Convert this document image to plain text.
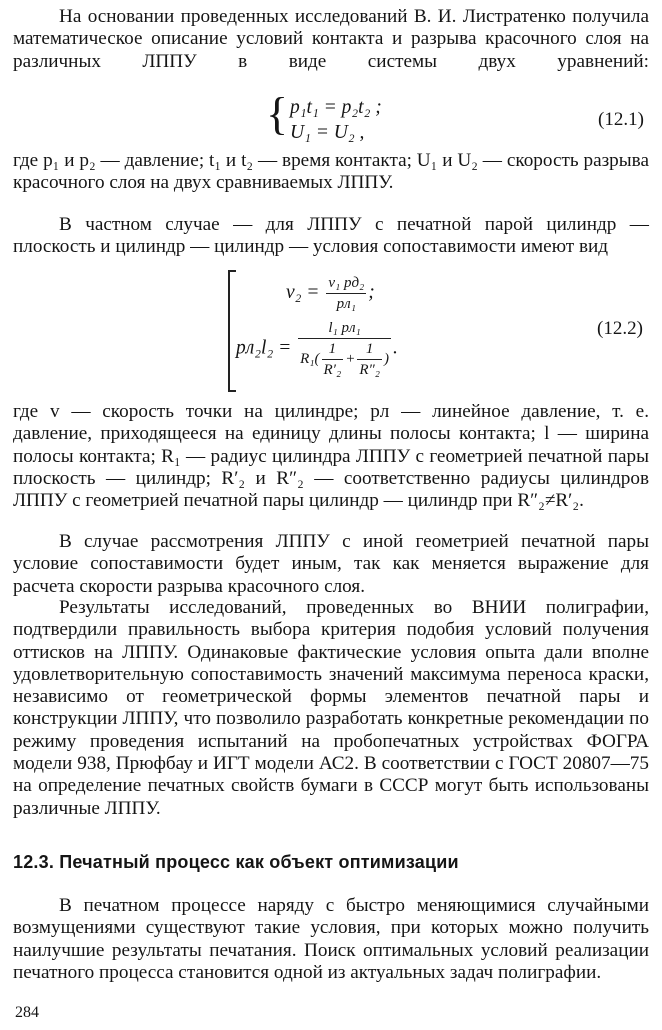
На основании проведенных исследований В. И. Листратенко получила математическое описание условий контакта и разрыва красочного слоя на различных ЛППУ в виде системы двух уравнений:
{ p₁t₁ = p₂t₂ ;
U₁ = U₂ ,
(12.1)
где p₁ и p₂ — давление; t₁ и t₂ — время контакта; U₁ и U₂ — скорость разрыва красочного слоя на двух сравниваемых ЛППУ.
В частном случае — для ЛППУ с печатной парой цилиндр — плоскость и цилиндр — цилиндр — условия сопоставимости имеют вид
$v_2 = \frac{\text{v₁ pд₂}}{\text{pл₁}}$ ;
$pл_2l_2 = \frac{\text{l₁ pл₁}}{R_1( \frac{1}{\text{R′₂}} + \frac{1}{\text{R″₂}} )}$ .
(12.2)
где v — скорость точки на цилиндре; pл — линейное давление, т. е. давление, приходящееся на единицу длины полосы контакта; l — ширина полосы контакта; R₁ — радиус цилиндра ЛППУ с геометрией печатной пары плоскость — цилиндр; R′₂ и R″₂ — соответственно радиусы цилиндров ЛППУ с геометрией печатной пары цилиндр — цилиндр при R″₂≠R′₂.
В случае рассмотрения ЛППУ с иной геометрией печатной пары условие сопоставимости будет иным, так как меняется выражение для расчета скорости разрыва красочного слоя.
Результаты исследований, проведенных во ВНИИ полиграфии, подтвердили правильность выбора критерия подобия условий получения оттисков на ЛППУ. Одинаковые фактические условия опыта дали вполне удовлетворительную сопоставимость значений максимума переноса краски, независимо от геометрической формы элементов печатной пары и конструкции ЛППУ, что позволило разработать конкретные рекомендации по режиму проведения испытаний на пробопечатных устройствах ФОГРА модели 938, Прюфбау и ИГТ модели АС2. В соответствии с ГОСТ 20807—75 на определение печатных свойств бумаги в СССР могут быть использованы различные ЛППУ.
12.3. Печатный процесс как объект оптимизации
В печатном процессе наряду с быстро меняющимися случайными возмущениями существуют такие условия, при которых можно получить наилучшие результаты печатания. Поиск оптимальных условий реализации печатного процесса становится одной из актуальных задач полиграфии.
284
